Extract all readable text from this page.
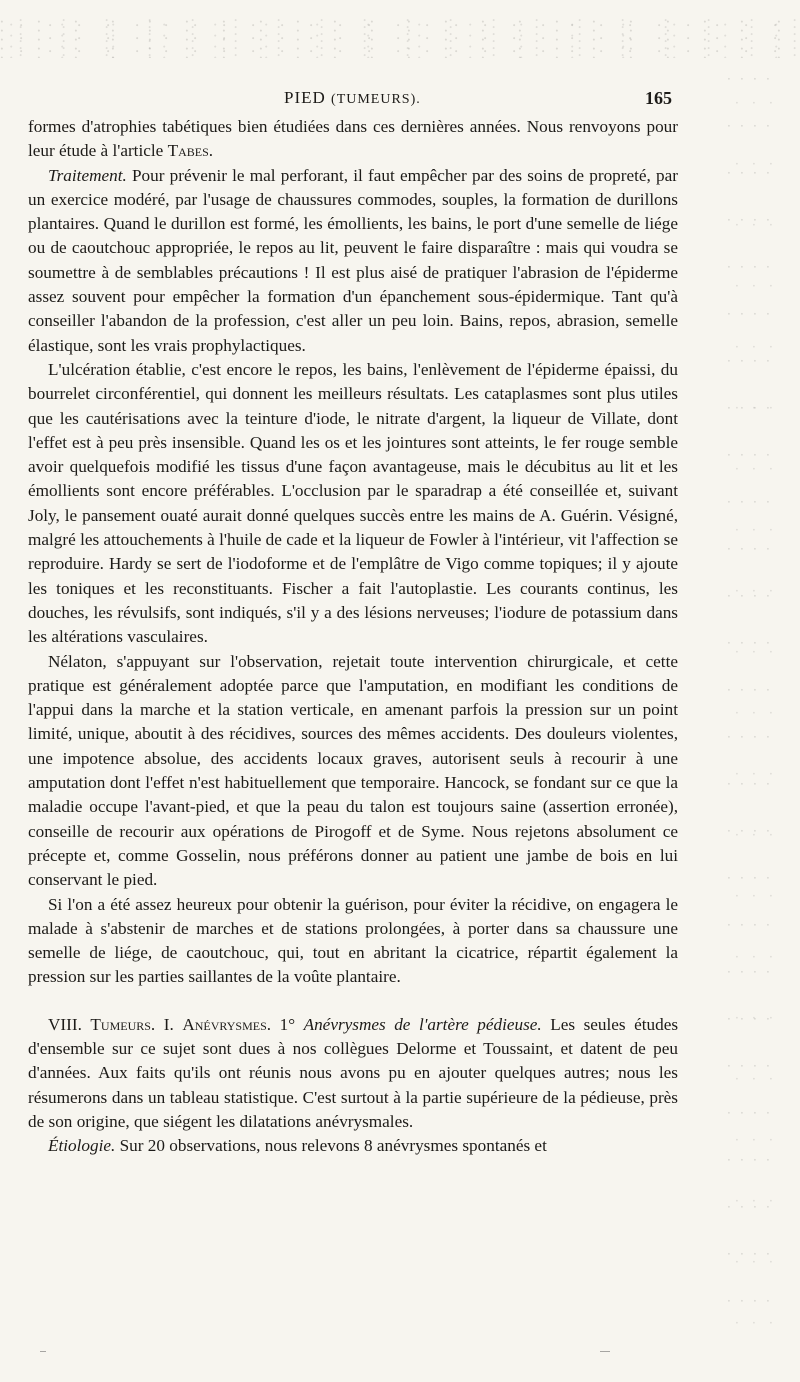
PIED (TUMEURS).	165

formes d'atrophies tabétiques bien étudiées dans ces dernières années. Nous renvoyons pour leur étude à l'article Tabes.

Traitement. Pour prévenir le mal perforant, il faut empêcher par des soins de propreté, par un exercice modéré, par l'usage de chaussures commodes, souples, la formation de durillons plantaires. Quand le durillon est formé, les émollients, les bains, le port d'une semelle de liége ou de caoutchouc appropriée, le repos au lit, peuvent le faire disparaître : mais qui voudra se soumettre à de semblables précautions ! Il est plus aisé de pratiquer l'abrasion de l'épiderme assez souvent pour empêcher la formation d'un épanchement sous-épidermique. Tant qu'à conseiller l'abandon de la profession, c'est aller un peu loin. Bains, repos, abrasion, semelle élastique, sont les vrais prophylactiques.

L'ulcération établie, c'est encore le repos, les bains, l'enlèvement de l'épiderme épaissi, du bourrelet circonférentiel, qui donnent les meilleurs résultats. Les cataplasmes sont plus utiles que les cautérisations avec la teinture d'iode, le nitrate d'argent, la liqueur de Villate, dont l'effet est à peu près insensible. Quand les os et les jointures sont atteints, le fer rouge semble avoir quelquefois modifié les tissus d'une façon avantageuse, mais le décubitus au lit et les émollients sont encore préférables. L'occlusion par le sparadrap a été conseillée et, suivant Joly, le pansement ouaté aurait donné quelques succès entre les mains de A. Guérin. Vésigné, malgré les attouchements à l'huile de cade et la liqueur de Fowler à l'intérieur, vit l'affection se reproduire. Hardy se sert de l'iodoforme et de l'emplâtre de Vigo comme topiques; il y ajoute les toniques et les reconstituants. Fischer a fait l'autoplastie. Les courants continus, les douches, les révulsifs, sont indiqués, s'il y a des lésions nerveuses; l'iodure de potassium dans les altérations vasculaires.

Nélaton, s'appuyant sur l'observation, rejetait toute intervention chirurgicale, et cette pratique est généralement adoptée parce que l'amputation, en modifiant les conditions de l'appui dans la marche et la station verticale, en amenant parfois la pression sur un point limité, unique, aboutit à des récidives, sources des mêmes accidents. Des douleurs violentes, une impotence absolue, des accidents locaux graves, autorisent seuls à recourir à une amputation dont l'effet n'est habituellement que temporaire. Hancock, se fondant sur ce que la maladie occupe l'avant-pied, et que la peau du talon est toujours saine (assertion erronée), conseille de recourir aux opérations de Pirogoff et de Syme. Nous rejetons absolument ce précepte et, comme Gosselin, nous préférons donner au patient une jambe de bois en lui conservant le pied.

Si l'on a été assez heureux pour obtenir la guérison, pour éviter la récidive, on engagera le malade à s'abstenir de marches et de stations prolongées, à porter dans sa chaussure une semelle de liége, de caoutchouc, qui, tout en abritant la cicatrice, répartit également la pression sur les parties saillantes de la voûte plantaire.

VIII. Tumeurs. I. Anévrysmes. 1° Anévrysmes de l'artère pédieuse. Les seules études d'ensemble sur ce sujet sont dues à nos collègues Delorme et Toussaint, et datent de peu d'années. Aux faits qu'ils ont réunis nous avons pu en ajouter quelques autres; nous les résumerons dans un tableau statistique. C'est surtout à la partie supérieure de la pédieuse, près de son origine, que siégent les dilatations anévrysmales.

Étiologie. Sur 20 observations, nous relevons 8 anévrysmes spontanés et
